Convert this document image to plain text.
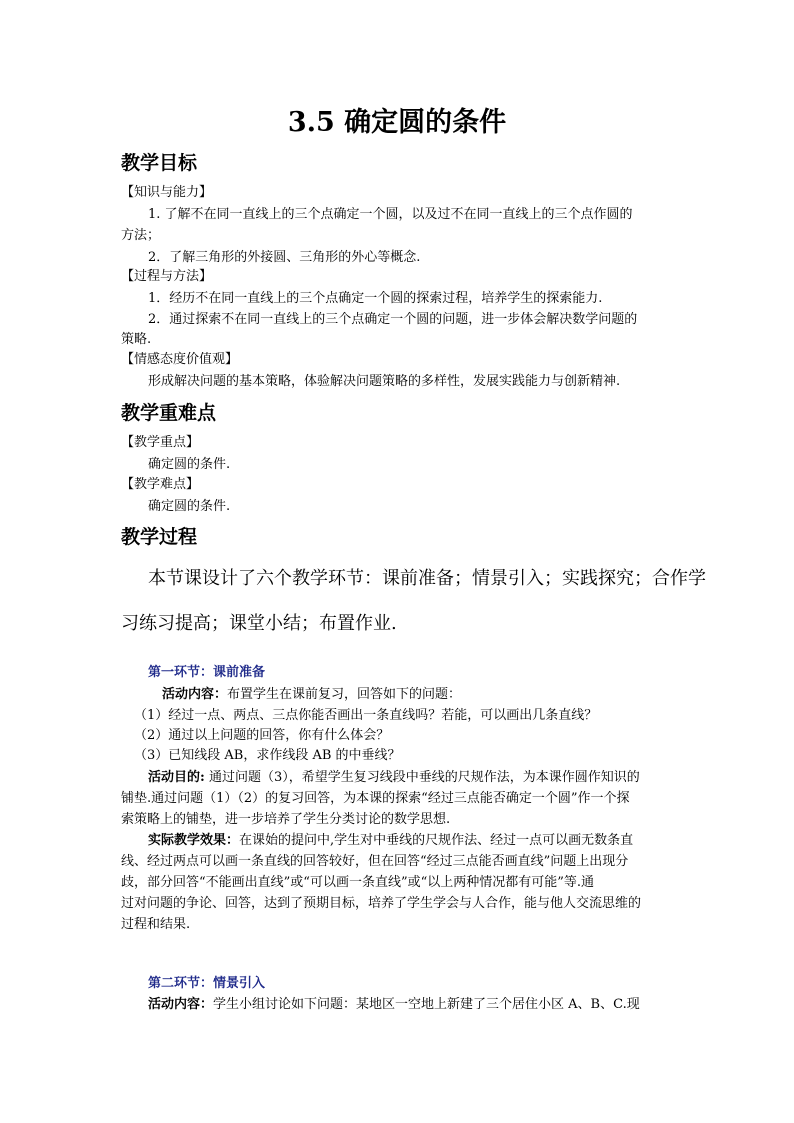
3.5 确定圆的条件
教学目标
【知识与能力】
1. 了解不在同一直线上的三个点确定一个圆，以及过不在同一直线上的三个点作圆的
方法；
2．了解三角形的外接圆、三角形的外心等概念.
【过程与方法】
1．经历不在同一直线上的三个点确定一个圆的探索过程，培养学生的探索能力.
2．通过探索不在同一直线上的三个点确定一个圆的问题，进一步体会解决数学问题的
策略.
【情感态度价值观】
形成解决问题的基本策略，体验解决问题策略的多样性，发展实践能力与创新精神.
教学重难点
【教学重点】
确定圆的条件.
【教学难点】
确定圆的条件.
教学过程
本节课设计了六个教学环节：课前准备；情景引入；实践探究；合作学
习练习提高；课堂小结；布置作业.
第一环节：课前准备
活动内容：布置学生在课前复习，回答如下的问题：
（1）经过一点、两点、三点你能否画出一条直线吗？若能，可以画出几条直线？
（2）通过以上问题的回答，你有什么体会？
（3）已知线段 AB，求作线段 AB 的中垂线？
活动目的: 通过问题（3），希望学生复习线段中垂线的尺规作法，为本课作圆作知识的
铺垫.通过问题（1）（2）的复习回答，为本课的探索“经过三点能否确定一个圆”作一个探
索策略上的铺垫，进一步培养了学生分类讨论的数学思想.
实际教学效果：在课始的提问中,学生对中垂线的尺规作法、经过一点可以画无数条直
线、经过两点可以画一条直线的回答较好，但在回答“经过三点能否画直线”问题上出现分
歧，部分回答“不能画出直线”或“可以画一条直线”或“以上两种情况都有可能”等.通
过对问题的争论、回答，达到了预期目标，培养了学生学会与人合作，能与他人交流思维的
过程和结果.
第二环节：情景引入
活动内容：学生小组讨论如下问题：某地区一空地上新建了三个居住小区 A、B、C.现
